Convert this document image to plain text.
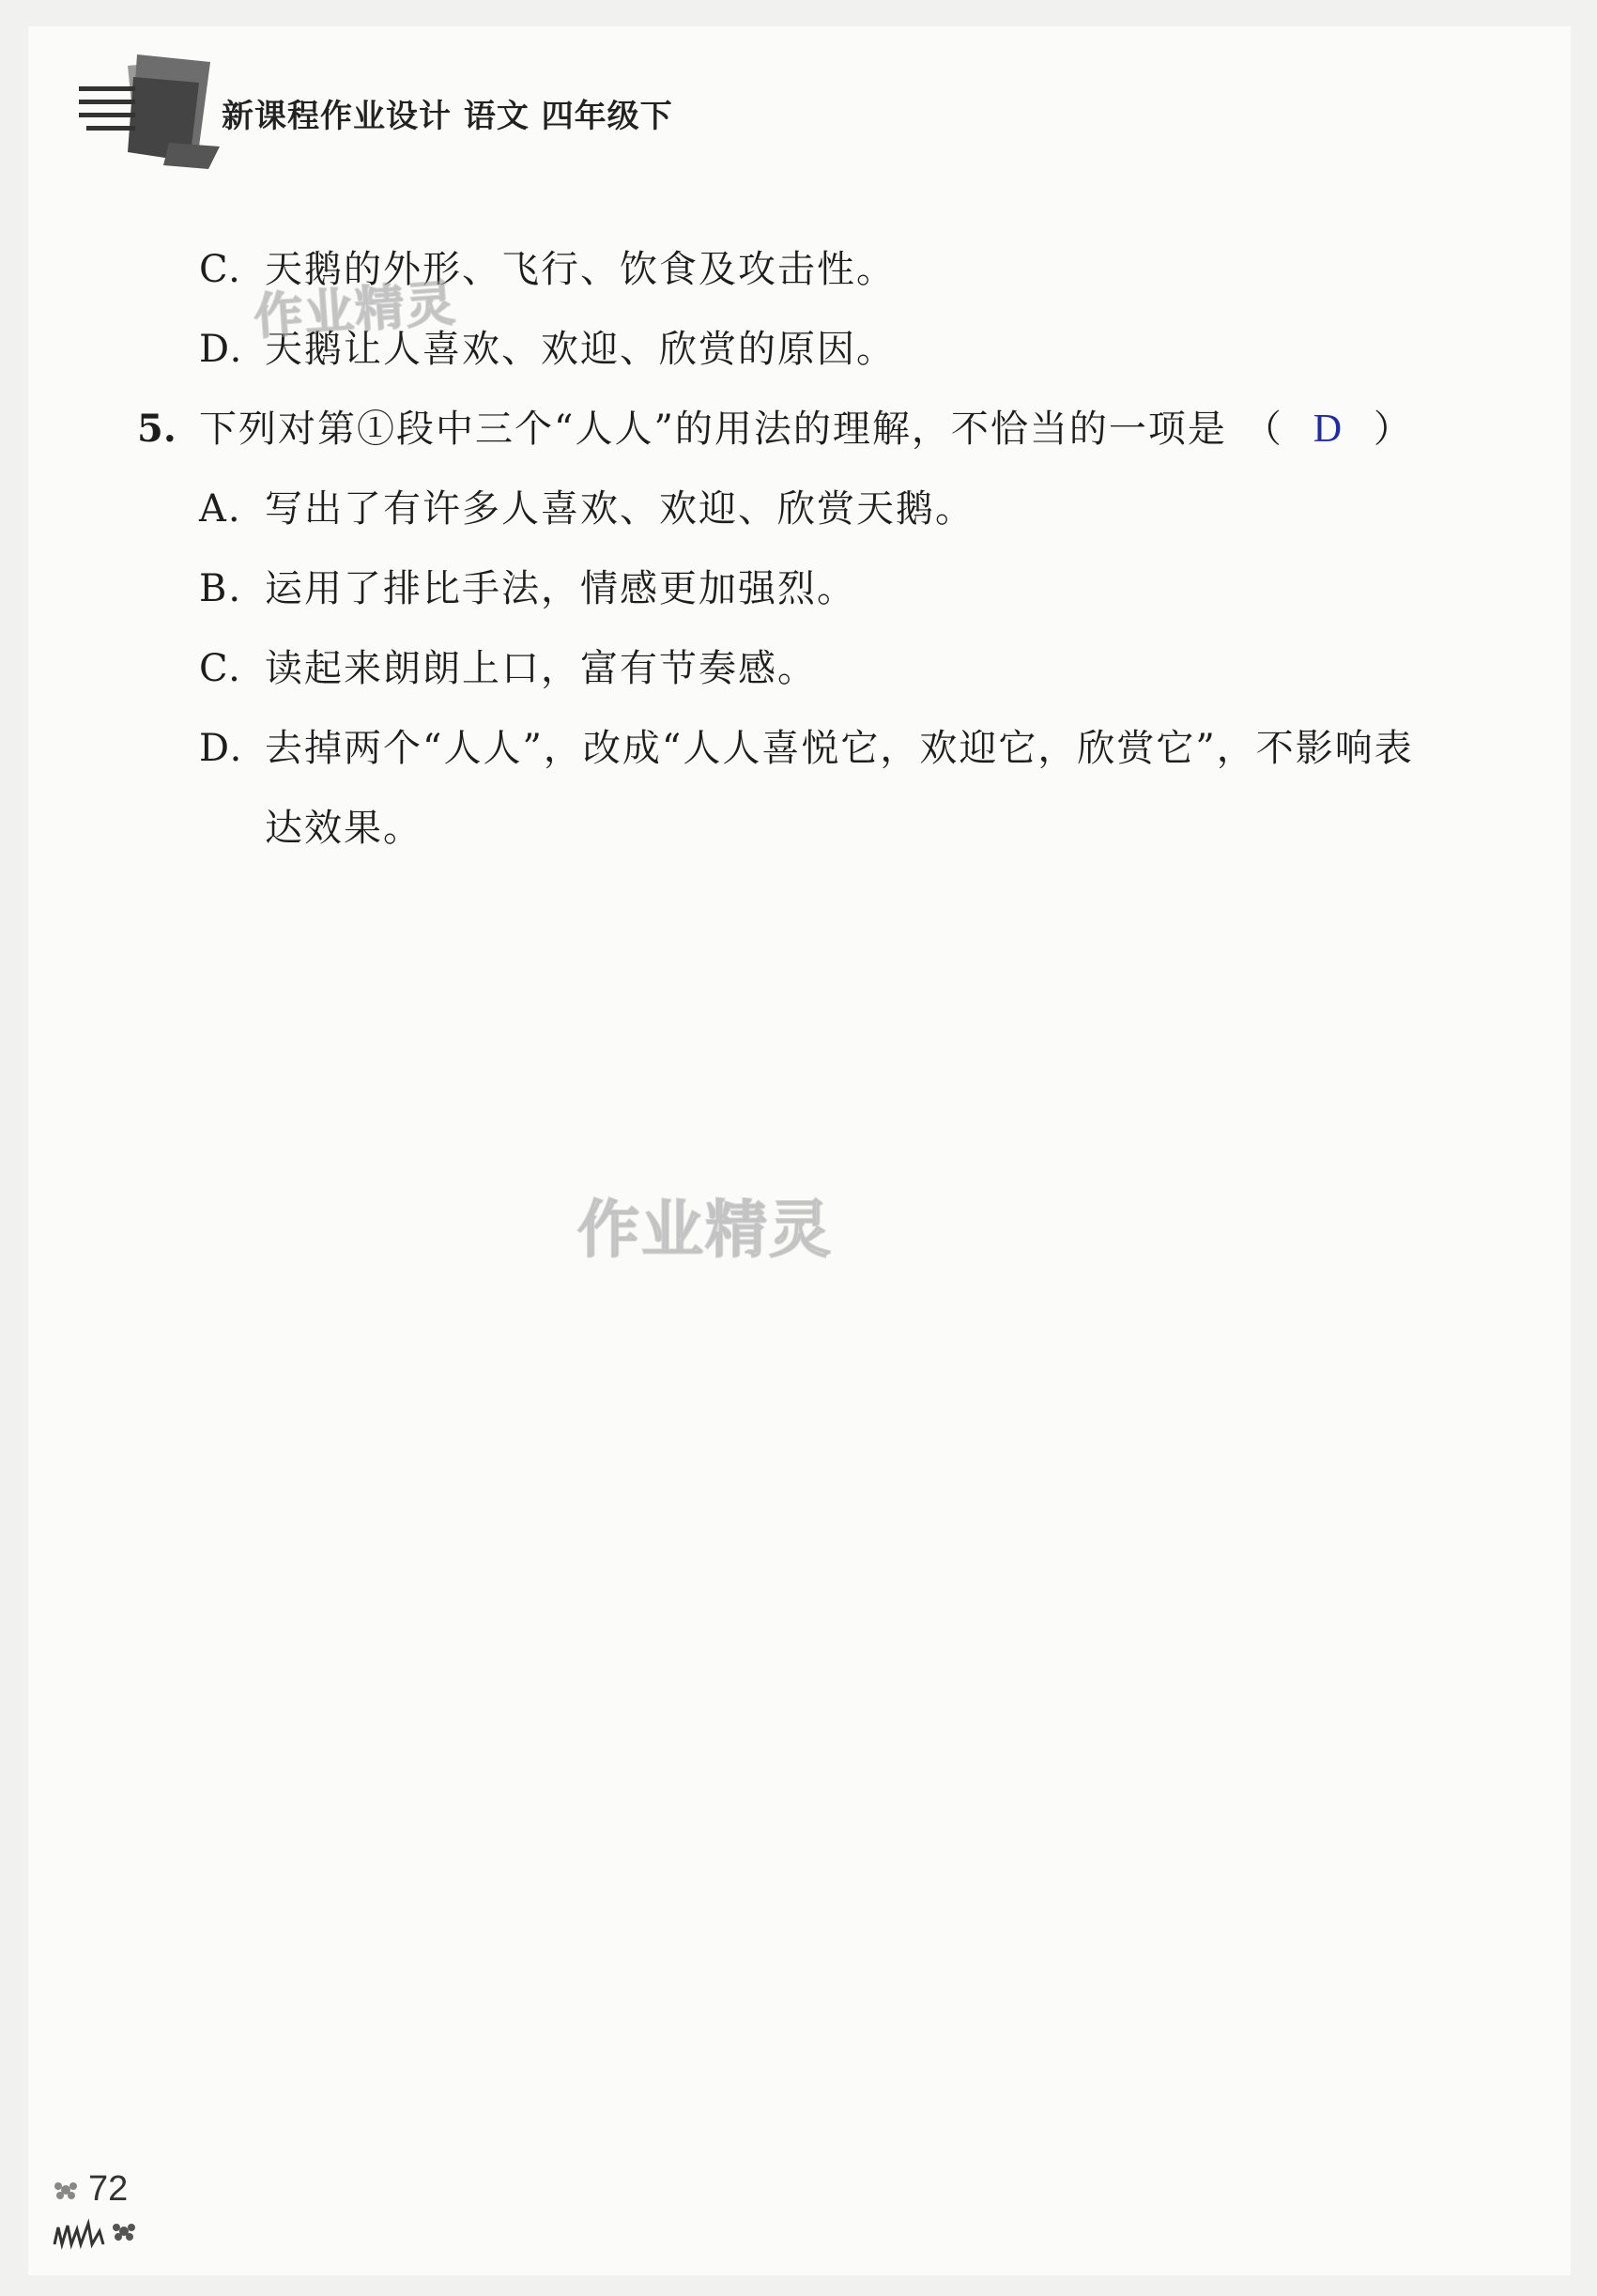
新课程作业设计 语文 四年级下
C. 天鹅的外形、飞行、饮食及攻击性。
D. 天鹅让人喜欢、欢迎、欣赏的原因。
5. 下列对第①段中三个“人人”的用法的理解，不恰当的一项是 （ D ）
A. 写出了有许多人喜欢、欢迎、欣赏天鹅。
B. 运用了排比手法，情感更加强烈。
C. 读起来朗朗上口，富有节奏感。
D. 去掉两个“人人”，改成“人人喜悦它，欢迎它，欣赏它”，不影响表
达效果。
作业精灵
作业精灵
72
